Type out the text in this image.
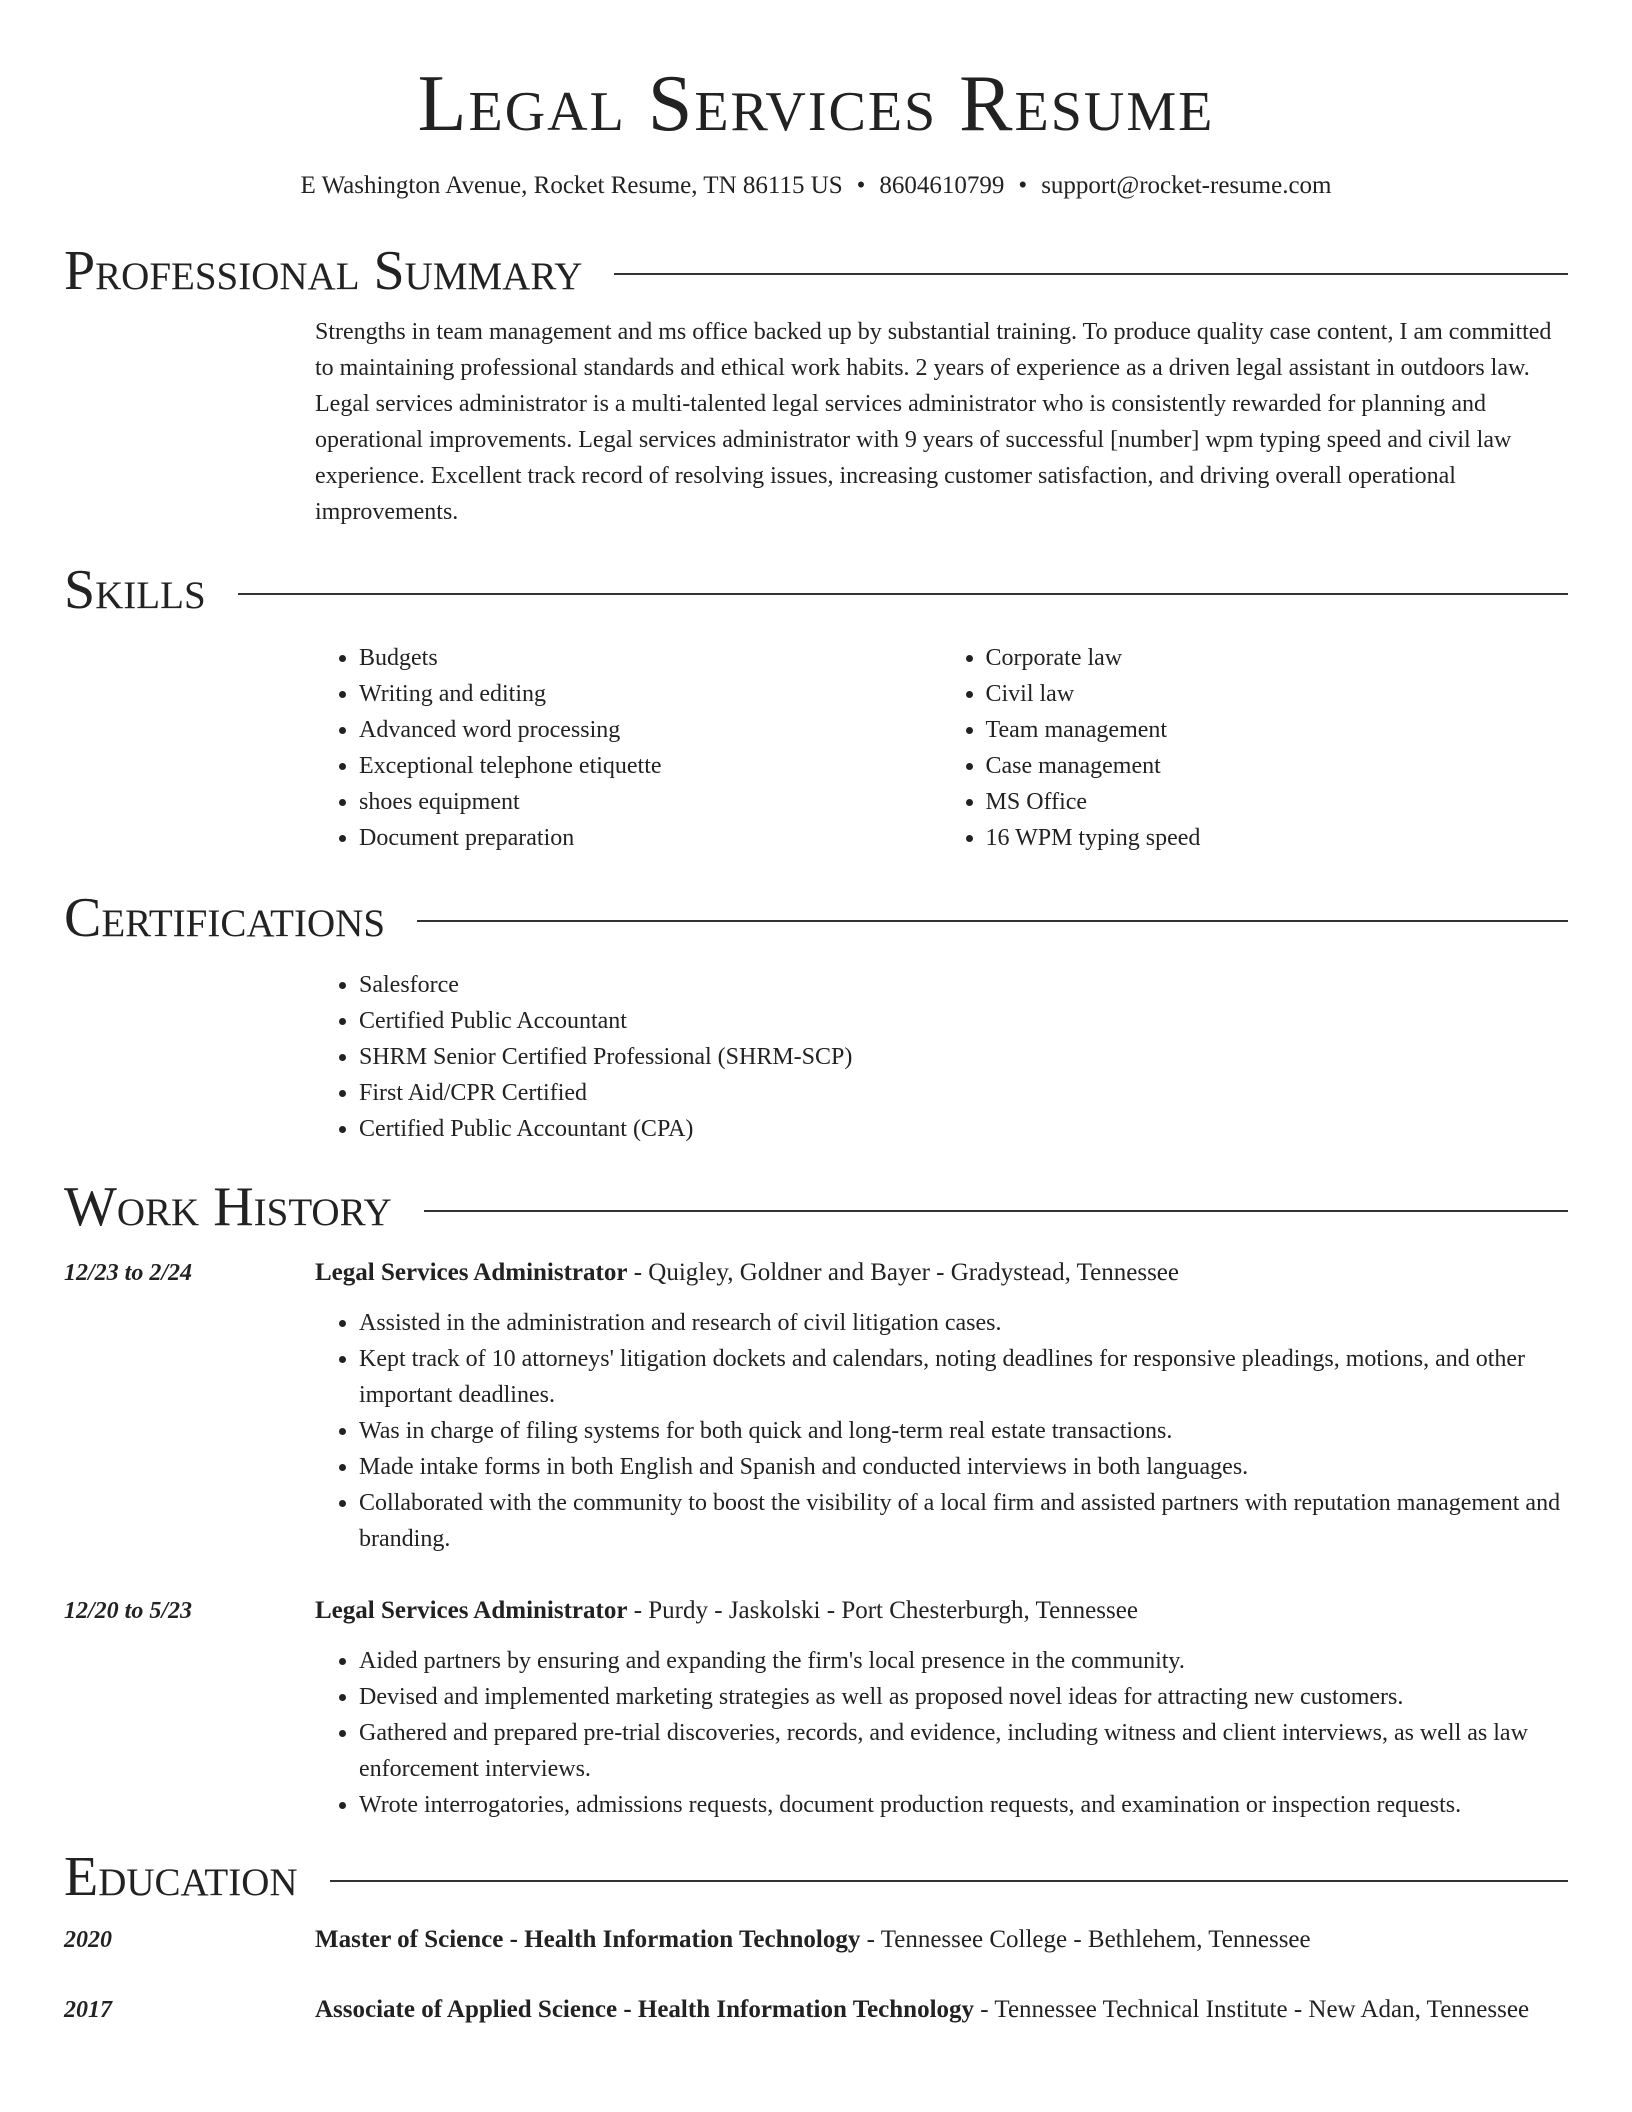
Legal Services Resume
E Washington Avenue, Rocket Resume, TN 86115 US • 8604610799 • support@rocket-resume.com
Professional Summary

Strengths in team management and ms office backed up by substantial training. To produce quality case content, I am committed to maintaining professional standards and ethical work habits. 2 years of experience as a driven legal assistant in outdoors law. Legal services administrator is a multi-talented legal services administrator who is consistently rewarded for planning and operational improvements. Legal services administrator with 9 years of successful [number] wpm typing speed and civil law experience. Excellent track record of resolving issues, increasing customer satisfaction, and driving overall operational improvements.

Skills
• Budgets
• Writing and editing
• Advanced word processing
• Exceptional telephone etiquette
• shoes equipment
• Document preparation
• Corporate law
• Civil law
• Team management
• Case management
• MS Office
• 16 WPM typing speed
Certifications
• Salesforce
• Certified Public Accountant
• SHRM Senior Certified Professional (SHRM-SCP)
• First Aid/CPR Certified
• Certified Public Accountant (CPA)
Work History
12/23 to 2/24	Legal Services Administrator - Quigley, Goldner and Bayer - Gradystead, Tennessee
• Assisted in the administration and research of civil litigation cases.
• Kept track of 10 attorneys' litigation dockets and calendars, noting deadlines for responsive pleadings, motions, and other important deadlines.
• Was in charge of filing systems for both quick and long-term real estate transactions.
• Made intake forms in both English and Spanish and conducted interviews in both languages.
• Collaborated with the community to boost the visibility of a local firm and assisted partners with reputation management and branding.
12/20 to 5/23	Legal Services Administrator - Purdy - Jaskolski - Port Chesterburgh, Tennessee
• Aided partners by ensuring and expanding the firm's local presence in the community.
• Devised and implemented marketing strategies as well as proposed novel ideas for attracting new customers.
• Gathered and prepared pre-trial discoveries, records, and evidence, including witness and client interviews, as well as law enforcement interviews.
• Wrote interrogatories, admissions requests, document production requests, and examination or inspection requests.
Education
2020	Master of Science - Health Information Technology - Tennessee College - Bethlehem, Tennessee
2017	Associate of Applied Science - Health Information Technology - Tennessee Technical Institute - New Adan, Tennessee
